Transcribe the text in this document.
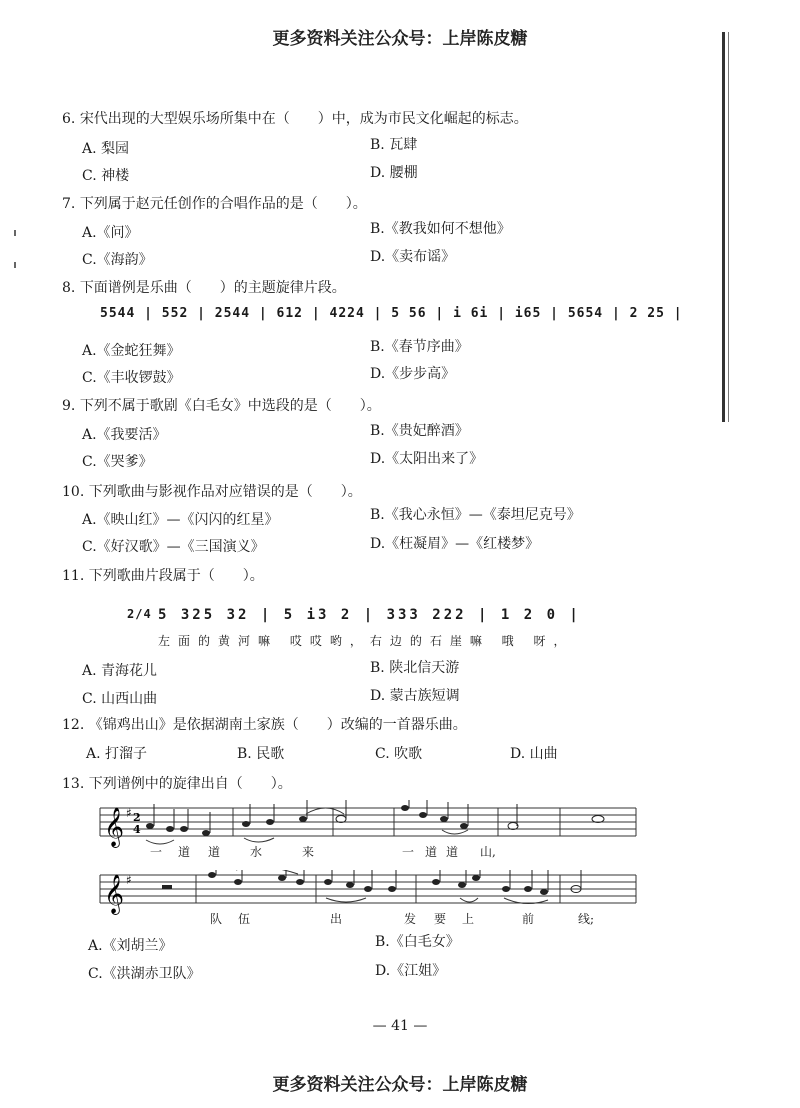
更多资料关注公众号：上岸陈皮糖
6. 宋代出现的大型娱乐场所集中在（　　）中，成为市民文化崛起的标志。
A. 梨园	B. 瓦肆
C. 神楼	D. 腰棚
7. 下列属于赵元任创作的合唱作品的是（　　）。
A.《问》	B.《教我如何不想他》
C.《海韵》	D.《卖布谣》
8. 下面谱例是乐曲（　　）的主题旋律片段。
5544 | 552 | 2544 | 612 | 4224 | 5 56 | i 6i | i65 | 5654 | 2 25 |
A.《金蛇狂舞》	B.《春节序曲》
C.《丰收锣鼓》	D.《步步高》
9. 下列不属于歌剧《白毛女》中选段的是（　　）。
A.《我要活》	B.《贵妃醉酒》
C.《哭爹》	D.《太阳出来了》
10. 下列歌曲与影视作品对应错误的是（　　）。
A.《映山红》—《闪闪的红星》	B.《我心永恒》—《泰坦尼克号》
C.《好汉歌》—《三国演义》	D.《枉凝眉》—《红楼梦》
11. 下列歌曲片段属于（　　）。
2/4 5 325 32 | 5 i3 2 | 333 222 | 1 2 0 |
左面的黄河嘛 哎哎哟，右边的石崖嘛 哦 呀，
A. 青海花儿	B. 陕北信天游
C. 山西山曲	D. 蒙古族短调
12. 《锦鸡出山》是依据湖南土家族（　　）改编的一首器乐曲。
A. 打溜子	B. 民歌	C. 吹歌	D. 山曲
13. 下列谱例中的旋律出自（　　）。
𝄞 ♯ 2
4
一 道 道 水	来	一 道 道 山,
𝄞 ♯
队 伍	出	发 要 上	前	线;
A.《刘胡兰》	B.《白毛女》
C.《洪湖赤卫队》	D.《江姐》
— 41 —
更多资料关注公众号：上岸陈皮糖
